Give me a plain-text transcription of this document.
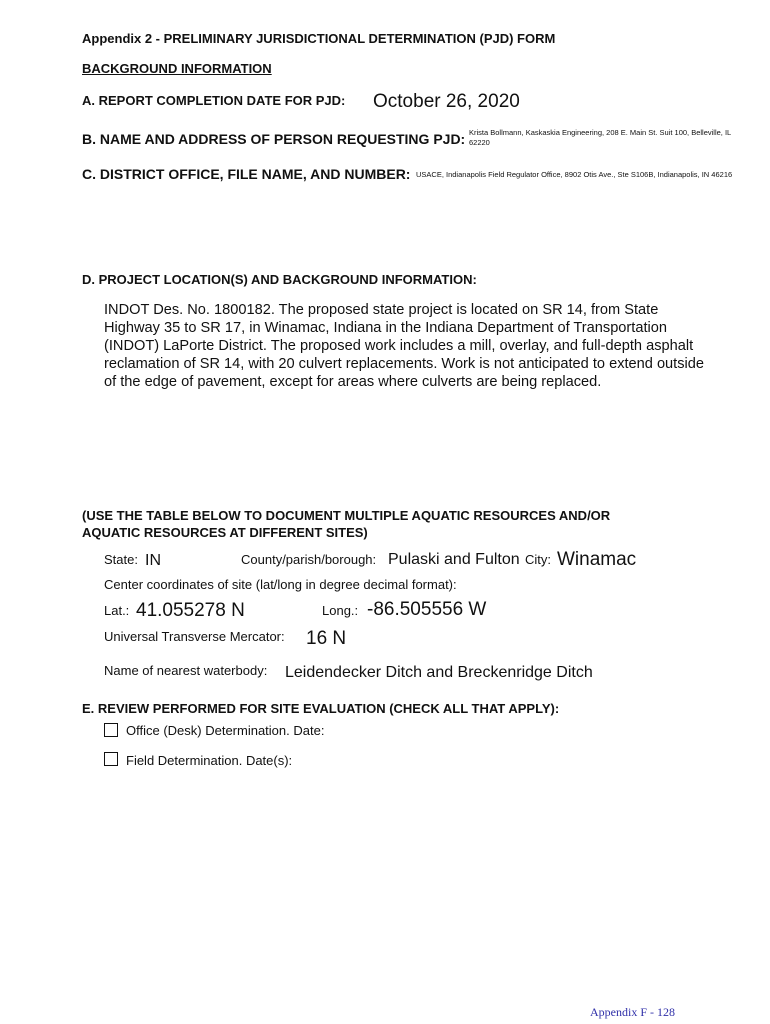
Appendix 2 - PRELIMINARY JURISDICTIONAL DETERMINATION (PJD) FORM
BACKGROUND INFORMATION
A. REPORT COMPLETION DATE FOR PJD: October 26, 2020
B. NAME AND ADDRESS OF PERSON REQUESTING PJD: Krista Bollmann, Kaskaskia Engineering, 208 E. Main St. Suit 100, Belleville, IL 62220
C. DISTRICT OFFICE, FILE NAME, AND NUMBER: USACE, Indianapolis Field Regulator Office, 8902 Otis Ave., Ste S106B, Indianapolis, IN 46216
D. PROJECT LOCATION(S) AND BACKGROUND INFORMATION:
INDOT Des. No. 1800182. The proposed state project is located on SR 14, from State Highway 35 to SR 17, in Winamac, Indiana in the Indiana Department of Transportation (INDOT) LaPorte District. The proposed work includes a mill, overlay, and full-depth asphalt reclamation of SR 14, with 20 culvert replacements. Work is not anticipated to extend outside of the edge of pavement, except for areas where culverts are being replaced.
(USE THE TABLE BELOW TO DOCUMENT MULTIPLE AQUATIC RESOURCES AND/OR
AQUATIC RESOURCES AT DIFFERENT SITES)
State: IN	County/parish/borough: Pulaski and Fulton City: Winamac
Center coordinates of site (lat/long in degree decimal format):
Lat.: 41.055278 N	Long.: -86.505556 W
Universal Transverse Mercator: 16 N
Name of nearest waterbody: Leidendecker Ditch and Breckenridge Ditch
E. REVIEW PERFORMED FOR SITE EVALUATION (CHECK ALL THAT APPLY):
Office (Desk) Determination. Date:
Field Determination. Date(s):
Appendix F - 128
